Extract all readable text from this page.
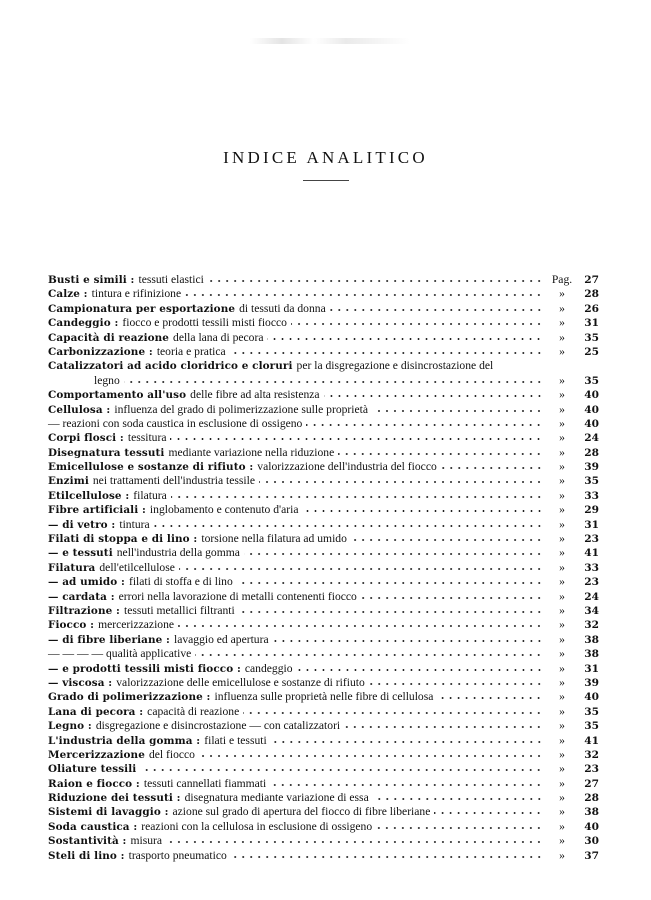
INDICE ANALITICO
Busti e simili : tessuti elastici	Pag.	27
Calze : tintura e rifinizione	»	28
Campionatura per esportazione di tessuti da donna	»	26
Candeggio : fiocco e prodotti tessili misti fiocco	»	31
Capacità di reazione della lana di pecora	»	35
Carbonizzazione : teoria e pratica	»	25
Catalizzatori ad acido cloridrico e cloruri per la disgregazione e disincrostazione del
legno	»	35
Comportamento all'uso delle fibre ad alta resistenza	»	40
Cellulosa : influenza del grado di polimerizzazione sulle proprietà	»	40
— reazioni con soda caustica in esclusione di ossigeno	»	40
Corpi flosci : tessitura	»	24
Disegnatura tessuti mediante variazione nella riduzione	»	28
Emicellulose e sostanze di rifiuto : valorizzazione dell'industria del fiocco	»	39
Enzimi nei trattamenti dell'industria tessile	»	35
Etilcellulose : filatura	»	33
Fibre artificiali : inglobamento e contenuto d'aria	»	29
— di vetro : tintura	»	31
Filati di stoppa e di lino : torsione nella filatura ad umido	»	23
— e tessuti nell'industria della gomma	»	41
Filatura dell'etilcellulose	»	33
— ad umido : filati di stoffa e di lino	»	23
— cardata : errori nella lavorazione di metalli contenenti fiocco	»	24
Filtrazione : tessuti metallici filtranti	»	34
Fiocco : mercerizzazione	»	32
— di fibre liberiane : lavaggio ed apertura	»	38
— — — — qualità applicative	»	38
— e prodotti tessili misti fiocco : candeggio	»	31
— viscosa : valorizzazione delle emicellulose e sostanze di rifiuto	»	39
Grado di polimerizzazione : influenza sulle proprietà nelle fibre di cellulosa	»	40
Lana di pecora : capacità di reazione	»	35
Legno : disgregazione e disincrostazione — con catalizzatori	»	35
L'industria della gomma : filati e tessuti	»	41
Mercerizzazione del fiocco	»	32
Oliature tessili	»	23
Raion e fiocco : tessuti cannellati fiammati	»	27
Riduzione dei tessuti : disegnatura mediante variazione di essa	»	28
Sistemi di lavaggio : azione sul grado di apertura del fiocco di fibre liberiane	»	38
Soda caustica : reazioni con la cellulosa in esclusione di ossigeno	»	40
Sostantività : misura	»	30
Steli di lino : trasporto pneumatico	»	37
